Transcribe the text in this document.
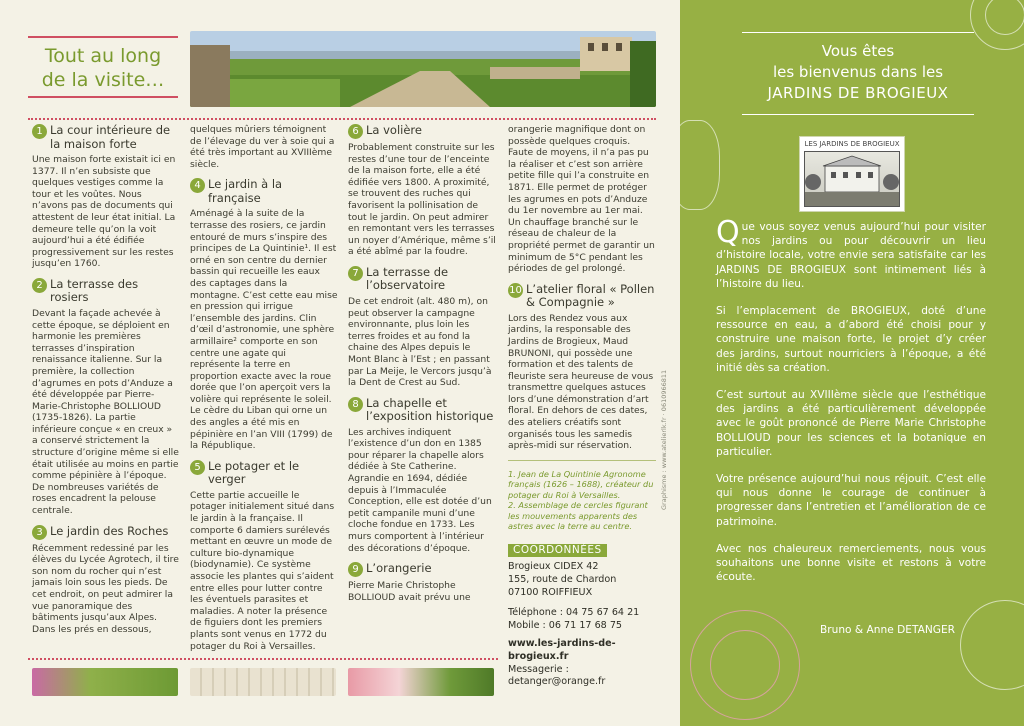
Tout au long
de la visite…
1 La cour intérieure de la maison forte

Une maison forte existait ici en 1377. Il n’en subsiste que quelques vestiges comme la tour et les voûtes. Nous n’avons pas de documents qui attestent de leur état initial. La demeure telle qu’on la voit aujourd’hui a été édifiée progressivement sur les restes jusqu’en 1760.

2 La terrasse des rosiers

Devant la façade achevée à cette époque, se déploient en harmonie les premières terrasses d’inspiration renaissance italienne. Sur la première, la collection d’agrumes en pots d’Anduze a été développée par Pierre-Marie-Christophe BOLLIOUD (1735-1826). La partie inférieure conçue « en creux » a conservé strictement la structure d’origine même si elle était utilisée au moins en partie comme pépinière à l’époque. De nombreuses variétés de roses encadrent la pelouse centrale.

3 Le jardin des Roches

Récemment redessiné par les élèves du Lycée Agrotech, il tire son nom du rocher qui n’est jamais loin sous les pieds. De cet endroit, on peut admirer la vue panoramique des bâtiments jusqu’aux Alpes. Dans les prés en dessous,

quelques mûriers témoignent de l’élevage du ver à soie qui a été très important au XVIIIème siècle.

4 Le jardin à la française

Aménagé à la suite de la terrasse des rosiers, ce jardin entouré de murs s’inspire des principes de La Quintinie¹. Il est orné en son centre du dernier bassin qui recueille les eaux des captages dans la montagne. C’est cette eau mise en pression qui irrigue l’ensemble des jardins. Clin d’œil d’astronomie, une sphère armillaire² comporte en son centre une agate qui représente la terre en proportion exacte avec la roue dorée que l’on aperçoit vers la volière qui représente le soleil. Le cèdre du Liban qui orne un des angles a été mis en pépinière en l’an VIII (1799) de la République.

5 Le potager et le verger

Cette partie accueille le potager initialement situé dans le jardin à la française. Il comporte 6 damiers surélevés mettant en œuvre un mode de culture bio-dynamique (biodynamie). Ce système associe les plantes qui s’aident entre elles pour lutter contre les éventuels parasites et maladies. A noter la présence de figuiers dont les premiers plants sont venus en 1772 du potager du Roi à Versailles.

6 La volière

Probablement construite sur les restes d’une tour de l’enceinte de la maison forte, elle a été édifiée vers 1800. A proximité, se trouvent des ruches qui favorisent la pollinisation de tout le jardin. On peut admirer en remontant vers les terrasses un noyer d’Amérique, même s’il a été abîmé par la foudre.

7 La terrasse de l’observatoire

De cet endroit (alt. 480 m), on peut observer la campagne environnante, plus loin les terres froides et au fond la chaine des Alpes depuis le Mont Blanc à l’Est ; en passant par La Meije, le Vercors jusqu’à la Dent de Crest au Sud.

8 La chapelle et l’exposition historique

Les archives indiquent l’existence d’un don en 1385 pour réparer la chapelle alors dédiée à Ste Catherine. Agrandie en 1694, dédiée depuis à l’Immaculée Conception, elle est dotée d’un petit campanile muni d’une cloche fondue en 1733. Les murs comportent à l’intérieur des décorations d’époque.

9 L’orangerie

Pierre Marie Christophe BOLLIOUD avait prévu une

orangerie magnifique dont on possède quelques croquis. Faute de moyens, il n’a pas pu la réaliser et c’est son arrière petite fille qui l’a construite en 1871. Elle permet de protéger les agrumes en pots d’Anduze du 1er novembre au 1er mai. Un chauffage branché sur le réseau de chaleur de la propriété permet de garantir un minimum de 5°C pendant les périodes de gel prolongé.

10 L’atelier floral « Pollen & Compagnie »

Lors des Rendez vous aux jardins, la responsable des Jardins de Brogieux, Maud BRUNONI, qui possède une formation et des talents de fleuriste sera heureuse de vous transmettre quelques astuces lors d’une démonstration d’art floral. En dehors de ces dates, des ateliers créatifs sont organisés tous les samedis après-midi sur réservation.

1. Jean de La Quintinie Agronome français (1626 – 1688), créateur du potager du Roi à Versailles.

2. Assemblage de cercles figurant les mouvements apparents des astres avec la terre au centre.

COORDONNÉES
Brogieux CIDEX 42
155, route de Chardon
07100 ROIFFIEUX
Téléphone : 04 75 67 64 21
Mobile : 06 71 17 68 75
www.les-jardins-de-brogieux.fr
Messagerie : detanger@orange.fr
Graphisme : www.atelierlk.fr · 0610966811
Vous êtes
les bienvenus dans les
JARDINS DE BROGIEUX
LES JARDINS DE BROGIEUX

Que vous soyez venus aujourd’hui pour visiter nos jardins ou pour découvrir un lieu d’histoire locale, votre envie sera satisfaite car les JARDINS DE BROGIEUX sont intimement liés à l’histoire du lieu.

Si l’emplacement de BROGIEUX, doté d’une ressource en eau, a d’abord été choisi pour y construire une maison forte, le projet d’y créer des jardins, surtout nourriciers à l’époque, a été initié dès sa création.

C’est surtout au XVIIIème siècle que l’esthétique des jardins a été particulièrement développée avec le goût prononcé de Pierre Marie Christophe BOLLIOUD pour les sciences et la botanique en particulier.

Votre présence aujourd’hui nous réjouit. C’est elle qui nous donne le courage de continuer à progresser dans l’entretien et l’amélioration de ce patrimoine.

Avec nos chaleureux remerciements, nous vous souhaitons une bonne visite et restons à votre écoute.

Bruno & Anne DETANGER
